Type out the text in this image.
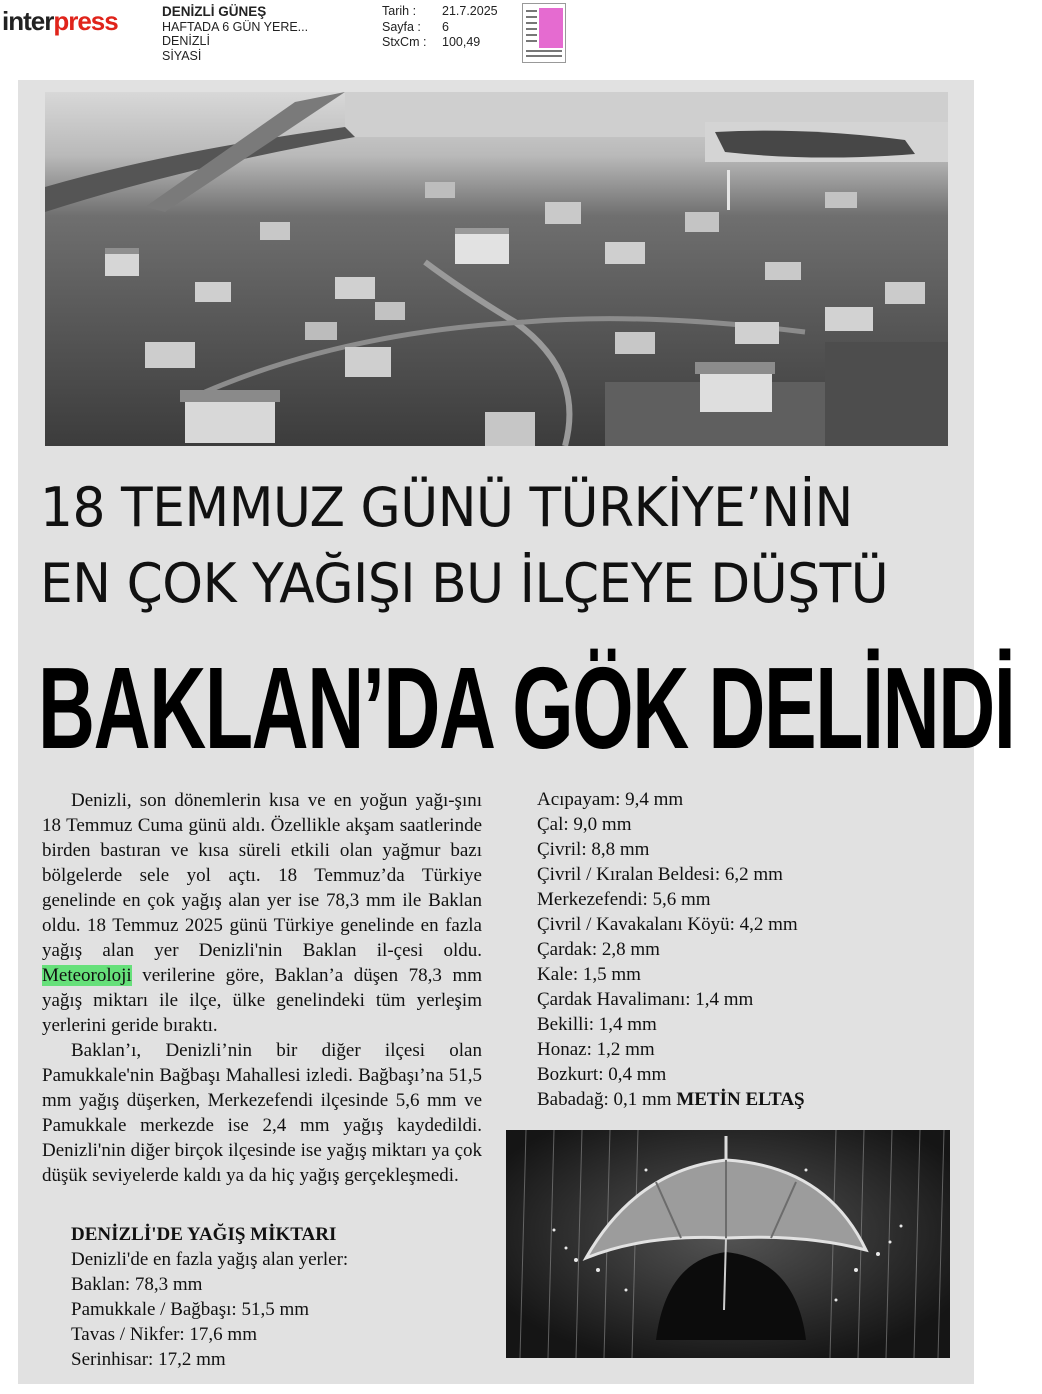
interpress	DENİZLİ GÜNEŞ
HAFTADA 6 GÜN YERE...
DENİZLİ
SİYASİ
Tarih :	21.7.2025
Sayfa :	6
StxCm :	100,49
18 TEMMUZ GÜNÜ TÜRKİYE’NİN
EN ÇOK YAĞIŞI BU İLÇEYE DÜŞTÜ
BAKLAN’DA GÖK DELİNDİ

Denizli, son dönemlerin kısa ve en yoğun yağı-şını 18 Temmuz Cuma günü aldı. Özellikle akşam saatlerinde birden bastıran ve kısa süreli etkili olan yağmur bazı bölgelerde sele yol açtı. 18 Temmuz’da Türkiye genelinde en çok yağış alan yer ise 78,3 mm ile Baklan oldu. 18 Temmuz 2025 günü Türkiye genelinde en fazla yağış alan yer Denizli'nin Baklan il-çesi oldu. Meteoroloji verilerine göre, Baklan’a düşen 78,3 mm yağış miktarı ile ilçe, ülke genelindeki tüm yerleşim yerlerini geride bıraktı.

Baklan’ı, Denizli’nin bir diğer ilçesi olan Pamukkale'nin Bağbaşı Mahallesi izledi. Bağbaşı’na 51,5 mm yağış düşerken, Merkezefendi ilçesinde 5,6 mm ve Pamukkale merkezde ise 2,4 mm yağış kaydedildi. Denizli'nin diğer birçok ilçesinde ise yağış miktarı ya çok düşük seviyelerde kaldı ya da hiç yağış gerçekleşmedi.

DENİZLİ'DE YAĞIŞ MİKTARI
Denizli'de en fazla yağış alan yerler:
Baklan: 78,3 mm
Pamukkale / Bağbaşı: 51,5 mm
Tavas / Nikfer: 17,6 mm
Serinhisar: 17,2 mm
Acıpayam: 9,4 mm
Çal: 9,0 mm
Çivril: 8,8 mm
Çivril / Kıralan Beldesi: 6,2 mm
Merkezefendi: 5,6 mm
Çivril / Kavakalanı Köyü: 4,2 mm
Çardak: 2,8 mm
Kale: 1,5 mm
Çardak Havalimanı: 1,4 mm
Bekilli: 1,4 mm
Honaz: 1,2 mm
Bozkurt: 0,4 mm
Babadağ: 0,1 mm METİN ELTAŞ
